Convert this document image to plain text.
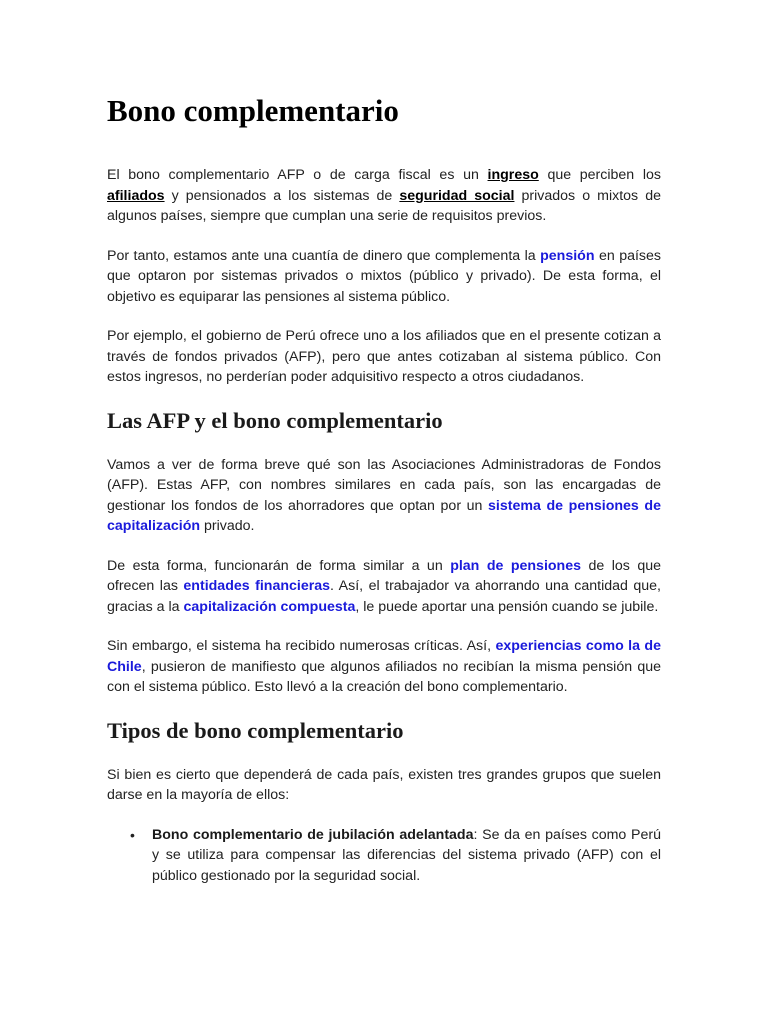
Bono complementario

El bono complementario AFP o de carga fiscal es un ingreso que perciben los afiliados y pensionados a los sistemas de seguridad social privados o mixtos de algunos países, siempre que cumplan una serie de requisitos previos.

Por tanto, estamos ante una cuantía de dinero que complementa la pensión en países que optaron por sistemas privados o mixtos (público y privado). De esta forma, el objetivo es equiparar las pensiones al sistema público.

Por ejemplo, el gobierno de Perú ofrece uno a los afiliados que en el presente cotizan a través de fondos privados (AFP), pero que antes cotizaban al sistema público. Con estos ingresos, no perderían poder adquisitivo respecto a otros ciudadanos.

Las AFP y el bono complementario

Vamos a ver de forma breve qué son las Asociaciones Administradoras de Fondos (AFP). Estas AFP, con nombres similares en cada país, son las encargadas de gestionar los fondos de los ahorradores que optan por un sistema de pensiones de capitalización privado.

De esta forma, funcionarán de forma similar a un plan de pensiones de los que ofrecen las entidades financieras. Así, el trabajador va ahorrando una cantidad que, gracias a la capitalización compuesta, le puede aportar una pensión cuando se jubile.

Sin embargo, el sistema ha recibido numerosas críticas. Así, experiencias como la de Chile, pusieron de manifiesto que algunos afiliados no recibían la misma pensión que con el sistema público. Esto llevó a la creación del bono complementario.

Tipos de bono complementario

Si bien es cierto que dependerá de cada país, existen tres grandes grupos que suelen darse en la mayoría de ellos:

• Bono complementario de jubilación adelantada: Se da en países como Perú y se utiliza para compensar las diferencias del sistema privado (AFP) con el público gestionado por la seguridad social.
